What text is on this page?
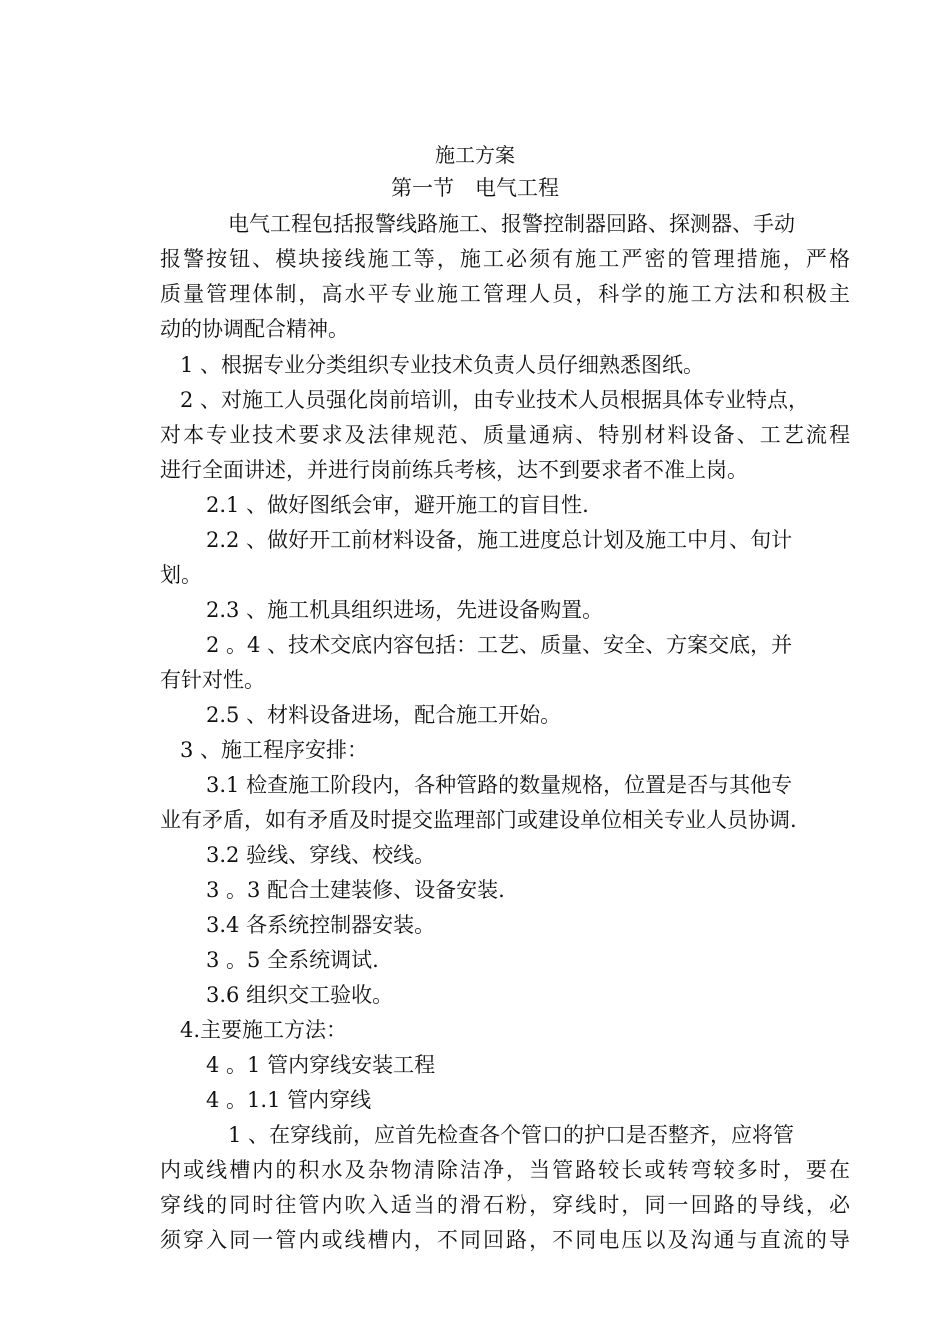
施工方案
第一节　电气工程
电气工程包括报警线路施工、报警控制器回路、探测器、手动
报警按钮、模块接线施工等，施工必须有施工严密的管理措施，严格
质量管理体制，高水平专业施工管理人员，科学的施工方法和积极主
动的协调配合精神。
1 、根据专业分类组织专业技术负责人员仔细熟悉图纸。
2 、对施工人员强化岗前培训，由专业技术人员根据具体专业特点，
对本专业技术要求及法律规范、质量通病、特别材料设备、工艺流程
进行全面讲述，并进行岗前练兵考核，达不到要求者不准上岗。
2.1 、做好图纸会审，避开施工的盲目性.
2.2 、做好开工前材料设备，施工进度总计划及施工中月、旬计
划。
2.3 、施工机具组织进场，先进设备购置。
2 。4 、技术交底内容包括：工艺、质量、安全、方案交底，并
有针对性。
2.5 、材料设备进场，配合施工开始。
3 、施工程序安排：
3.1 检查施工阶段内，各种管路的数量规格，位置是否与其他专
业有矛盾，如有矛盾及时提交监理部门或建设单位相关专业人员协调.
3.2 验线、穿线、校线。
3 。3 配合土建装修、设备安装.
3.4 各系统控制器安装。
3 。5 全系统调试.
3.6 组织交工验收。
4.主要施工方法：
4 。1 管内穿线安装工程
4 。1.1 管内穿线
1 、在穿线前，应首先检查各个管口的护口是否整齐，应将管
内或线槽内的积水及杂物清除洁净，当管路较长或转弯较多时，要在
穿线的同时往管内吹入适当的滑石粉，穿线时，同一回路的导线，必
须穿入同一管内或线槽内，不同回路，不同电压以及沟通与直流的导
